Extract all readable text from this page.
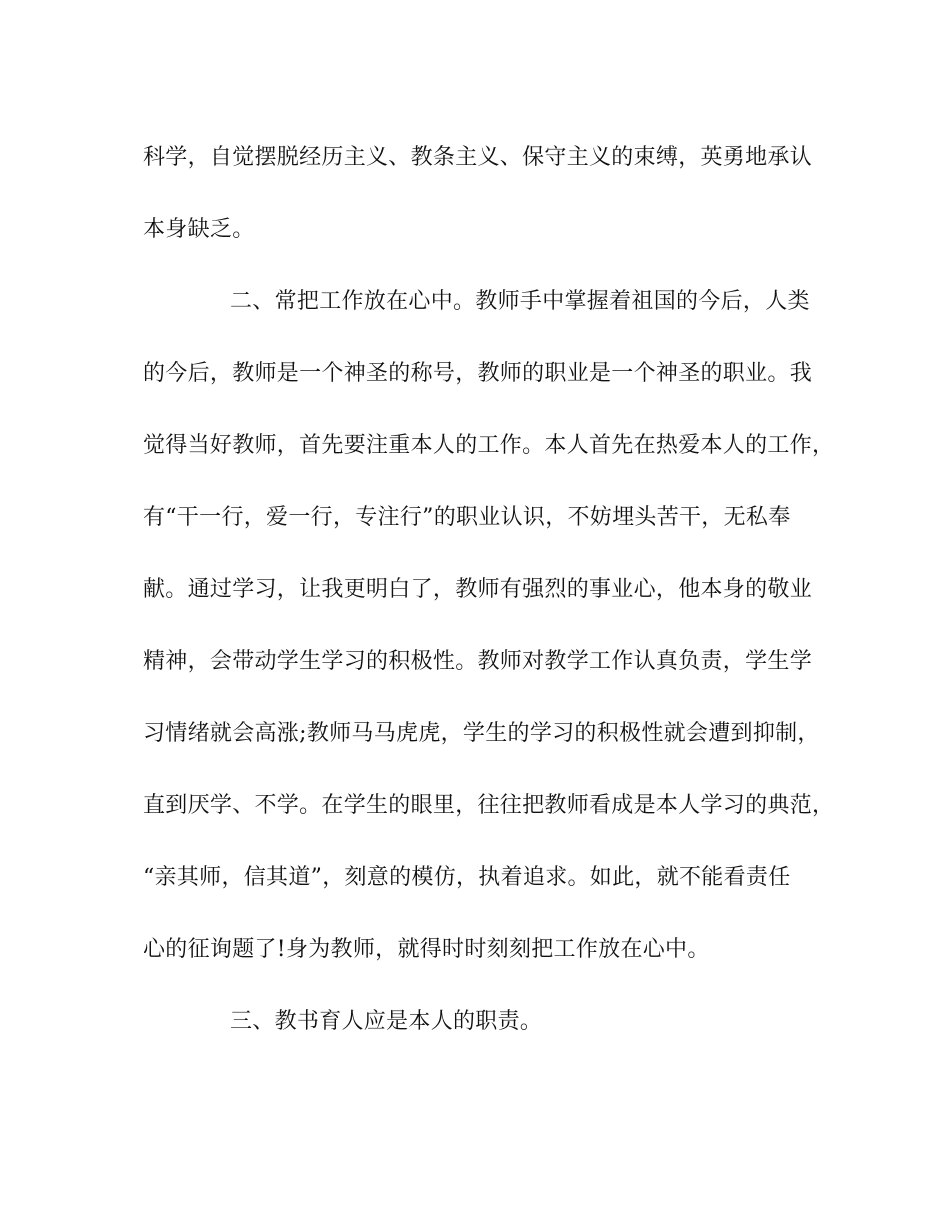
科学，自觉摆脱经历主义、教条主义、保守主义的束缚，英勇地承认
本身缺乏。
二、常把工作放在心中。教师手中掌握着祖国的今后，人类
的今后，教师是一个神圣的称号，教师的职业是一个神圣的职业。我
觉得当好教师，首先要注重本人的工作。本人首先在热爱本人的工作，
有“干一行，爱一行，专注行”的职业认识，不妨埋头苦干，无私奉
献。通过学习，让我更明白了，教师有强烈的事业心，他本身的敬业
精神，会带动学生学习的积极性。教师对教学工作认真负责，学生学
习情绪就会高涨;教师马马虎虎，学生的学习的积极性就会遭到抑制，
直到厌学、不学。在学生的眼里，往往把教师看成是本人学习的典范，
“亲其师，信其道”，刻意的模仿，执着追求。如此，就不能看责任
心的征询题了!身为教师，就得时时刻刻把工作放在心中。
三、教书育人应是本人的职责。
